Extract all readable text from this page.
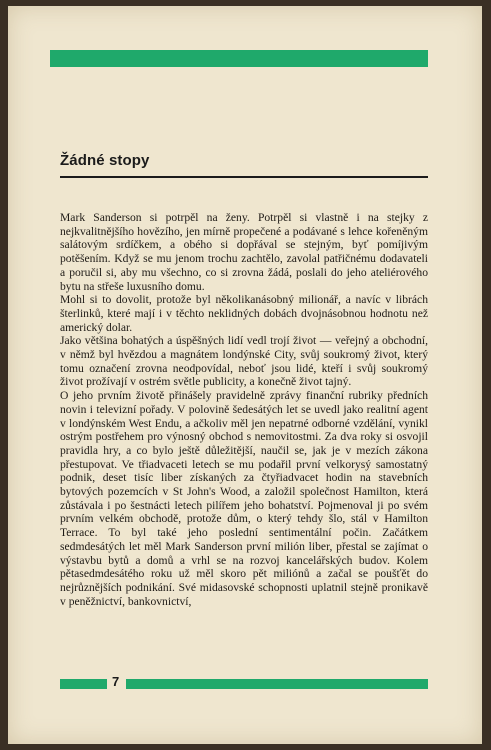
Žádné stopy

Mark Sanderson si potrpěl na ženy. Potrpěl si vlastně i na stejky z nejkvalitnějšího hovězího, jen mírně propečené a podávané s lehce kořeněným salátovým srdíčkem, a obého si dopřával se stejným, byť pomíjivým potěšením. Když se mu jenom trochu zachtělo, zavolal patřičnému dodavateli a poručil si, aby mu všechno, co si zrovna žádá, poslali do jeho ateliérového bytu na střeše luxusního domu.

Mohl si to dovolit, protože byl několikanásobný milionář, a navíc v librách šterlinků, které mají i v těchto neklidných dobách dvojnásobnou hodnotu než americký dolar.

Jako většina bohatých a úspěšných lidí vedl trojí život — veřejný a obchodní, v němž byl hvězdou a magnátem londýnské City, svůj soukromý život, který tomu označení zrovna neodpovídal, neboť jsou lidé, kteří i svůj soukromý život prožívají v ostrém světle publicity, a konečně život tajný.

O jeho prvním životě přinášely pravidelně zprávy finanční rubriky předních novin i televizní pořady. V polovině šedesátých let se uvedl jako realitní agent v londýnském West Endu, a ačkoliv měl jen nepatrné odborné vzdělání, vynikl ostrým postřehem pro výnosný obchod s nemovitostmi. Za dva roky si osvojil pravidla hry, a co bylo ještě důležitější, naučil se, jak je v mezích zákona přestupovat. Ve třiadvaceti letech se mu podařil první velkorysý samostatný podnik, deset tisíc liber získaných za čtyřiadvacet hodin na stavebních bytových pozemcích v St John's Wood, a založil společnost Hamilton, která zůstávala i po šestnácti letech pilířem jeho bohatství. Pojmenoval ji po svém prvním velkém obchodě, protože dům, o který tehdy šlo, stál v Hamilton Terrace. To byl také jeho poslední sentimentální počin. Začátkem sedmdesátých let měl Mark Sanderson první milión liber, přestal se zajímat o výstavbu bytů a domů a vrhl se na rozvoj kancelářských budov. Kolem pětasedmdesátého roku už měl skoro pět miliónů a začal se poušťět do nejrůznějších podnikání. Své midasovské schopnosti uplatnil stejně pronikavě v peněžnictví, bankovnictví,

7
